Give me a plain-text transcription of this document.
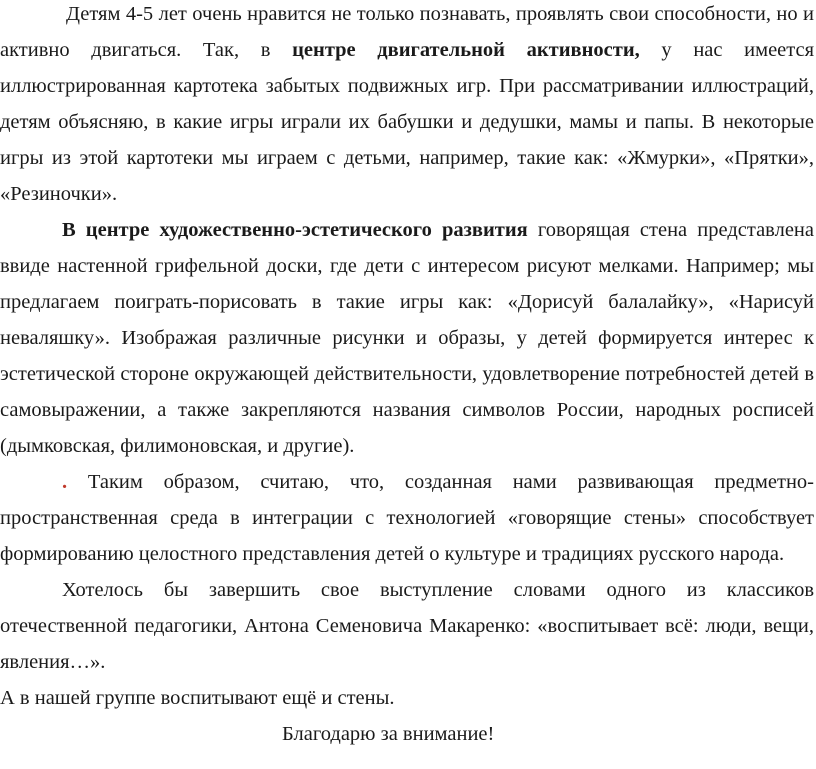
Детям 4-5 лет очень нравится не только познавать, проявлять свои способности, но и активно двигаться. Так, в центре двигательной активности, у нас имеется иллюстрированная картотека забытых подвижных игр. При рассматривании иллюстраций, детям объясняю, в какие игры играли их бабушки и дедушки, мамы и папы. В некоторые игры из этой картотеки мы играем с детьми, например, такие как: «Жмурки», «Прятки», «Резиночки».

В центре художественно-эстетического развития говорящая стена представлена ввиде настенной грифельной доски, где дети с интересом рисуют мелками. Например; мы предлагаем поиграть-порисовать в такие игры как: «Дорисуй балалайку», «Нарисуй неваляшку». Изображая различные рисунки и образы, у детей формируется интерес к эстетической стороне окружающей действительности, удовлетворение потребностей детей в самовыражении, а также закрепляются названия символов России, народных росписей (дымковская, филимоновская, и другие).

. Таким образом, считаю, что, созданная нами развивающая предметно-пространственная среда в интеграции с технологией «говорящие стены» способствует формированию целостного представления детей о культуре и традициях русского народа.

Хотелось бы завершить свое выступление словами одного из классиков отечественной педагогики, Антона Семеновича Макаренко: «воспитывает всё: люди, вещи, явления…».

А в нашей группе воспитывают ещё и стены.

Благодарю за внимание!
